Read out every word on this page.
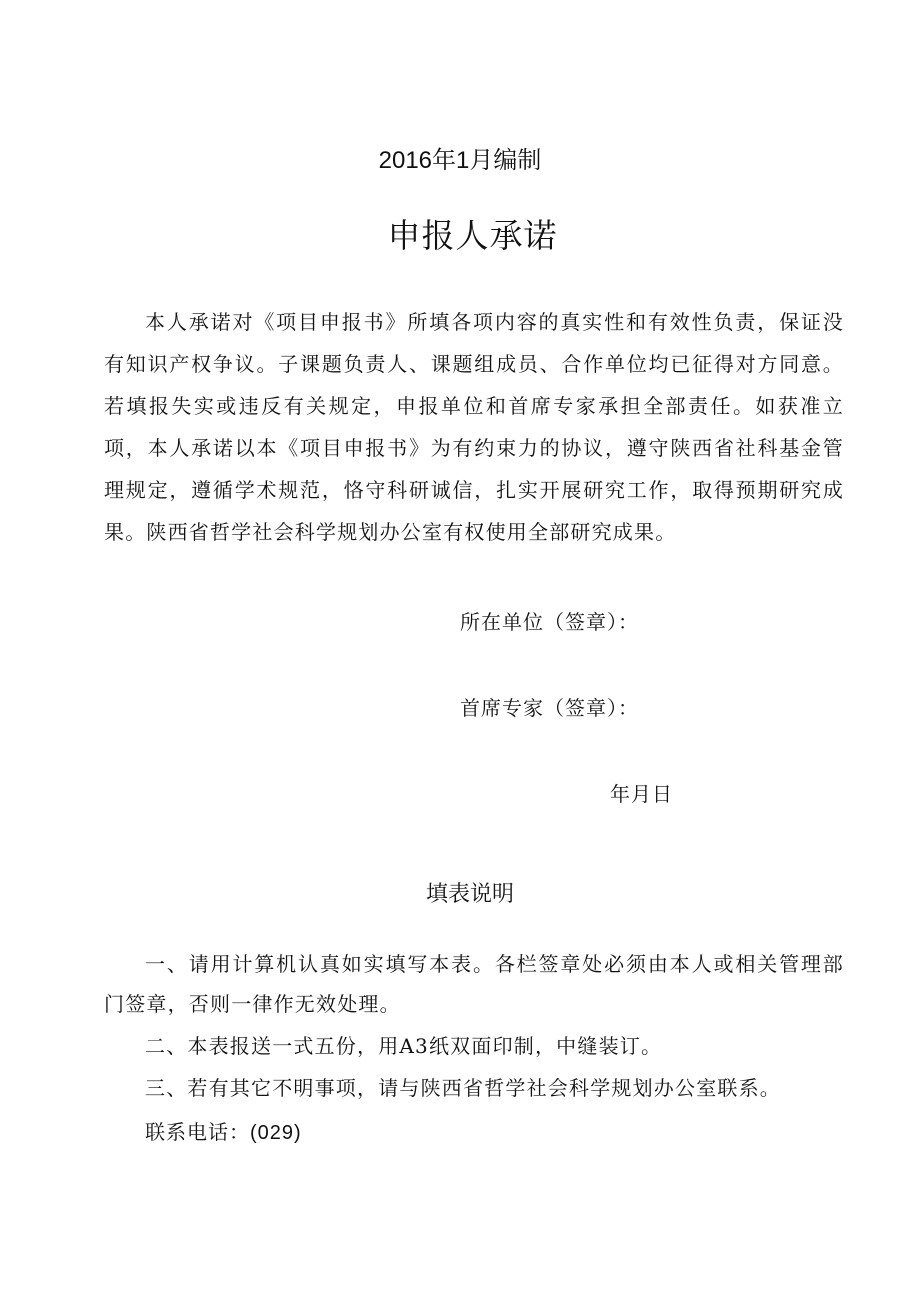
2016年1月编制
申报人承诺

本人承诺对《项目申报书》所填各项内容的真实性和有效性负责，保证没有知识产权争议。子课题负责人、课题组成员、合作单位均已征得对方同意。若填报失实或违反有关规定，申报单位和首席专家承担全部责任。如获准立项，本人承诺以本《项目申报书》为有约束力的协议，遵守陕西省社科基金管理规定，遵循学术规范，恪守科研诚信，扎实开展研究工作，取得预期研究成果。陕西省哲学社会科学规划办公室有权使用全部研究成果。

所在单位（签章）：
首席专家（签章）：
年月日
填表说明
一、请用计算机认真如实填写本表。各栏签章处必须由本人或相关管理部门签章，否则一律作无效处理。
二、本表报送一式五份，用A3纸双面印制，中缝装订。
三、若有其它不明事项，请与陕西省哲学社会科学规划办公室联系。
联系电话：(029)
